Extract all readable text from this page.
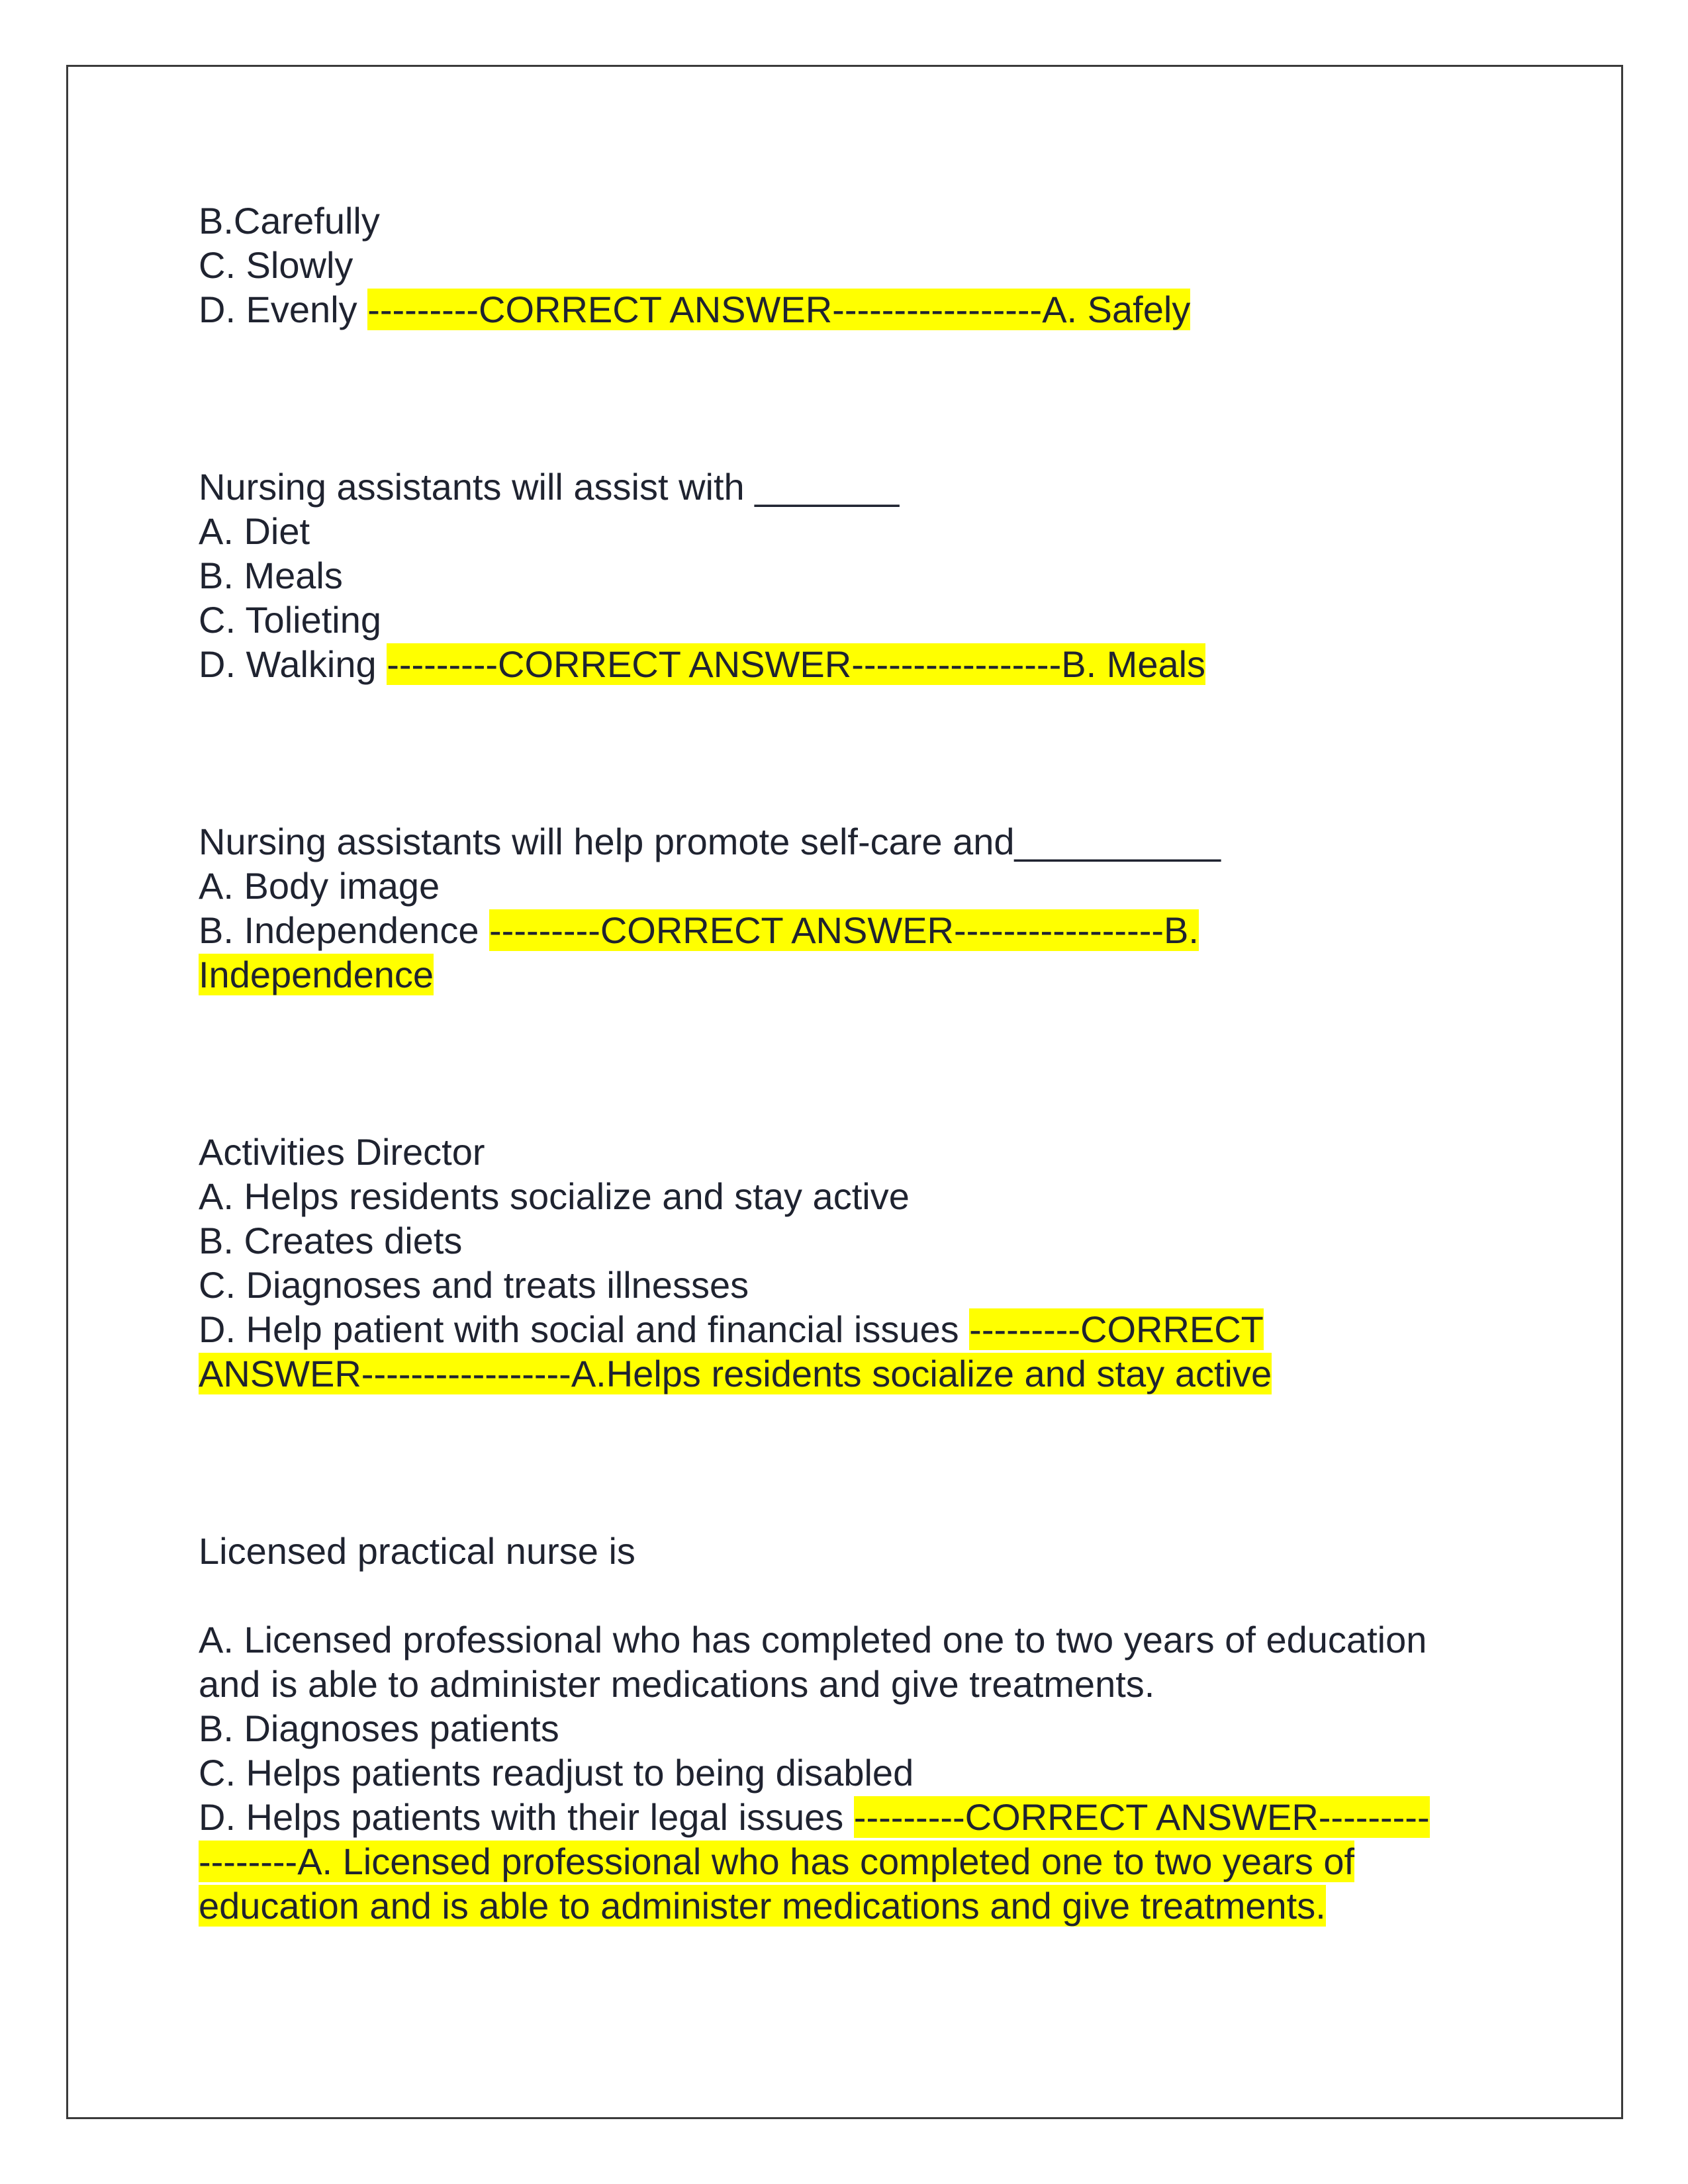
B.Carefully
C. Slowly
D. Evenly ---------CORRECT ANSWER-----------------A. Safely
Nursing assistants will assist with _______
A. Diet
B. Meals
C. Tolieting
D. Walking ---------CORRECT ANSWER-----------------B. Meals
Nursing assistants will help promote self-care and__________
A. Body image
B. Independence ---------CORRECT ANSWER-----------------B.
Independence
Activities Director
A. Helps residents socialize and stay active
B. Creates diets
C. Diagnoses and treats illnesses
D. Help patient with social and financial issues ---------CORRECT
ANSWER-----------------A.Helps residents socialize and stay active
Licensed practical nurse is
A. Licensed professional who has completed one to two years of education
and is able to administer medications and give treatments.
B. Diagnoses patients
C. Helps patients readjust to being disabled
D. Helps patients with their legal issues ---------CORRECT ANSWER---------
--------A. Licensed professional who has completed one to two years of
education and is able to administer medications and give treatments.
